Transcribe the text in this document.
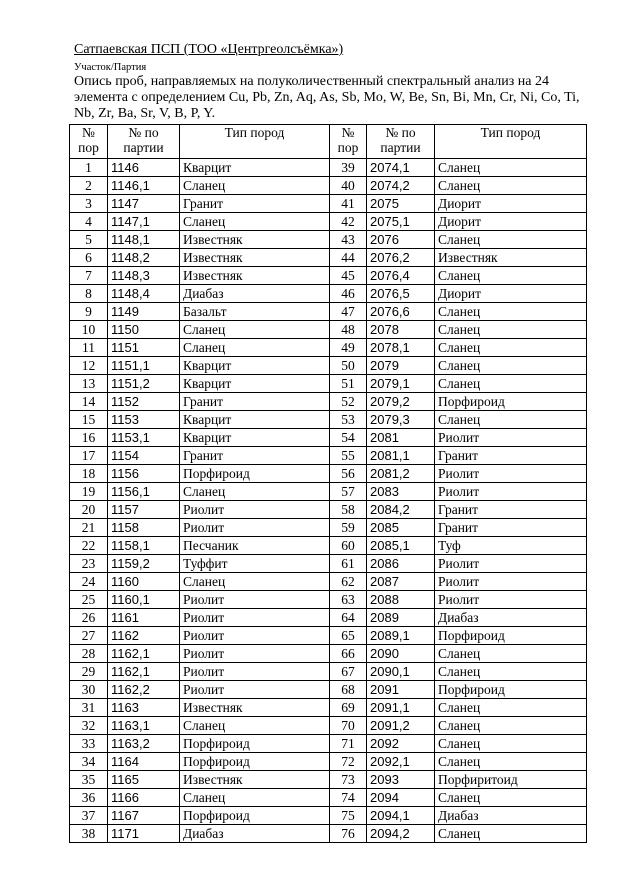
Сатпаевская ПСП (ТОО «Центргеолсъёмка»)
Участок/Партия
Опись проб, направляемых на полуколичественный спектральный анализ на 24 элемента с определением Cu, Pb, Zn, Aq, As, Sb, Mo, W, Be, Sn, Bi, Mn, Cr, Ni, Co, Ti, Nb, Zr, Ba, Sr, V, B, P, Y.
№ пор	№ по партии	Тип пород	№ пор	№ по партии	Тип пород
1	1146	Кварцит	39	2074,1	Сланец
2	1146,1	Сланец	40	2074,2	Сланец
3	1147	Гранит	41	2075	Диорит
4	1147,1	Сланец	42	2075,1	Диорит
5	1148,1	Известняк	43	2076	Сланец
6	1148,2	Известняк	44	2076,2	Известняк
7	1148,3	Известняк	45	2076,4	Сланец
8	1148,4	Диабаз	46	2076,5	Диорит
9	1149	Базальт	47	2076,6	Сланец
10	1150	Сланец	48	2078	Сланец
11	1151	Сланец	49	2078,1	Сланец
12	1151,1	Кварцит	50	2079	Сланец
13	1151,2	Кварцит	51	2079,1	Сланец
14	1152	Гранит	52	2079,2	Порфироид
15	1153	Кварцит	53	2079,3	Сланец
16	1153,1	Кварцит	54	2081	Риолит
17	1154	Гранит	55	2081,1	Гранит
18	1156	Порфироид	56	2081,2	Риолит
19	1156,1	Сланец	57	2083	Риолит
20	1157	Риолит	58	2084,2	Гранит
21	1158	Риолит	59	2085	Гранит
22	1158,1	Песчаник	60	2085,1	Туф
23	1159,2	Туффит	61	2086	Риолит
24	1160	Сланец	62	2087	Риолит
25	1160,1	Риолит	63	2088	Риолит
26	1161	Риолит	64	2089	Диабаз
27	1162	Риолит	65	2089,1	Порфироид
28	1162,1	Риолит	66	2090	Сланец
29	1162,1	Риолит	67	2090,1	Сланец
30	1162,2	Риолит	68	2091	Порфироид
31	1163	Известняк	69	2091,1	Сланец
32	1163,1	Сланец	70	2091,2	Сланец
33	1163,2	Порфироид	71	2092	Сланец
34	1164	Порфироид	72	2092,1	Сланец
35	1165	Известняк	73	2093	Порфиритоид
36	1166	Сланец	74	2094	Сланец
37	1167	Порфироид	75	2094,1	Диабаз
38	1171	Диабаз	76	2094,2	Сланец
